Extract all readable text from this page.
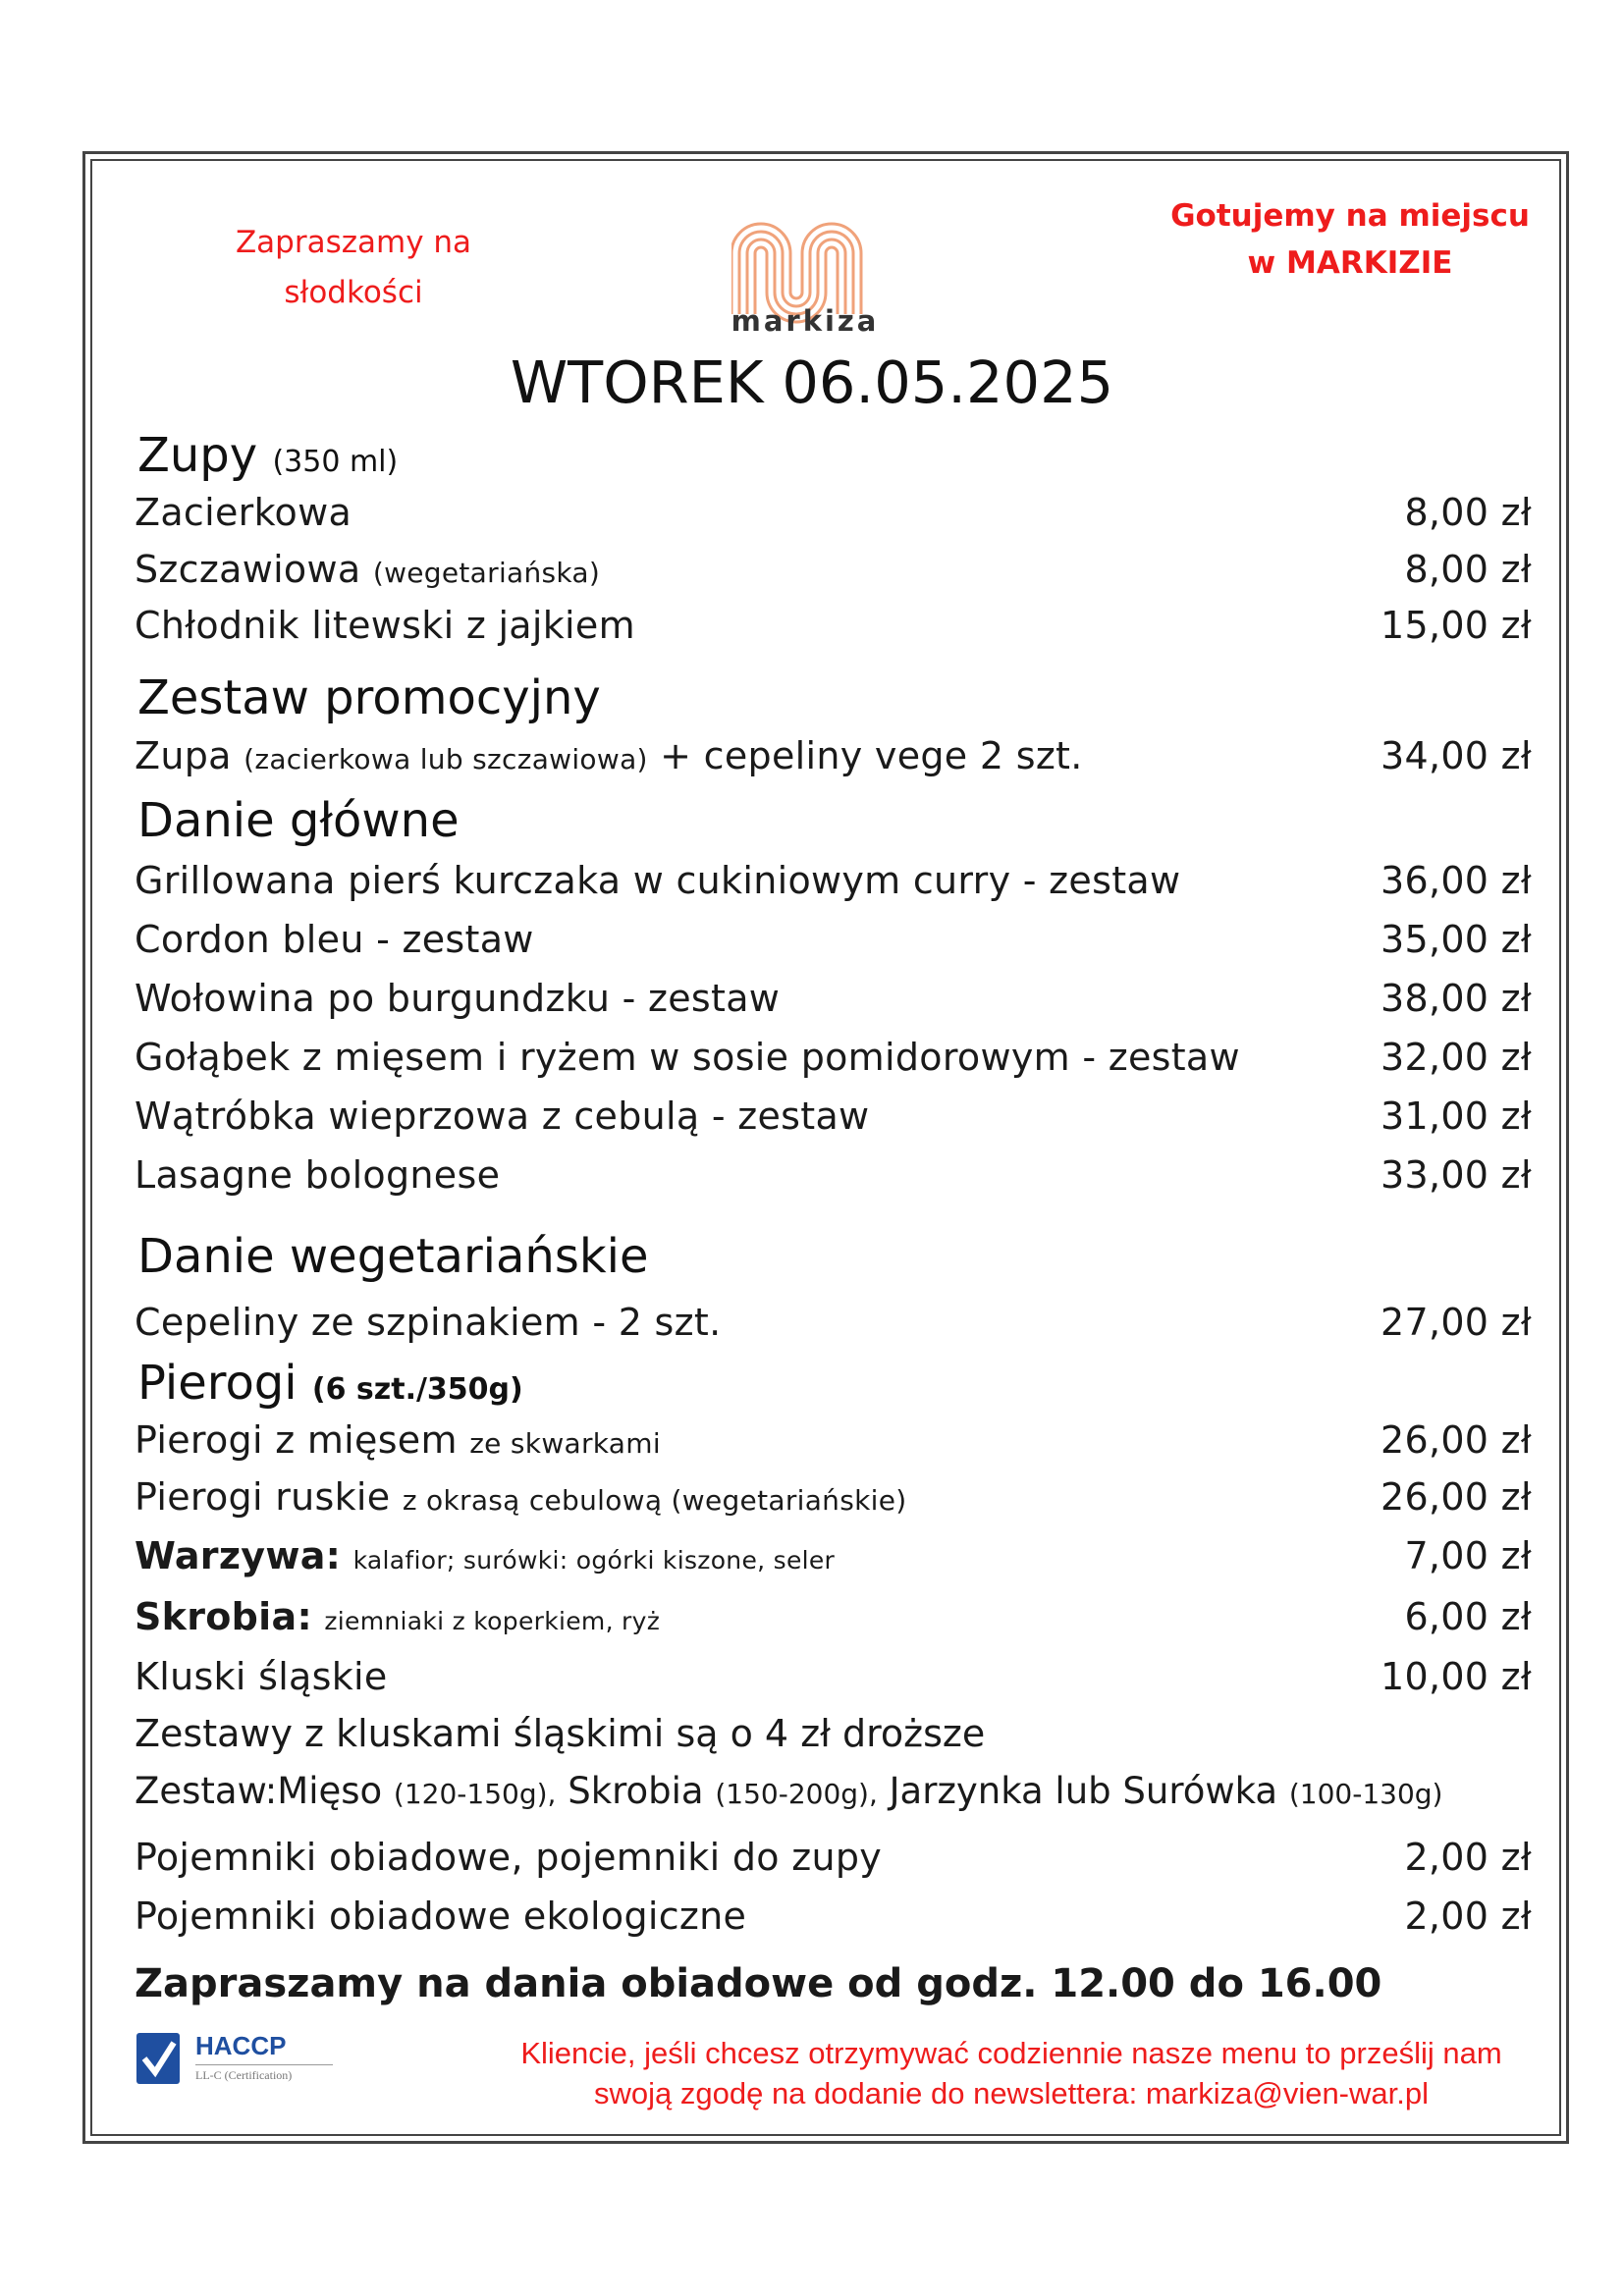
Zapraszamy na
słodkości
Gotujemy na miejscu
w MARKIZIE
markiza
WTOREK 06.05.2025
Zupy (350 ml)
Zacierkowa	8,00 zł
Szczawiowa (wegetariańska)	8,00 zł
Chłodnik litewski z jajkiem	15,00 zł
Zestaw promocyjny
Zupa (zacierkowa lub szczawiowa) + cepeliny vege 2 szt.	34,00 zł
Danie główne
Grillowana pierś kurczaka w cukiniowym curry - zestaw	36,00 zł
Cordon bleu - zestaw	35,00 zł
Wołowina po burgundzku - zestaw	38,00 zł
Gołąbek z mięsem i ryżem w sosie pomidorowym - zestaw	32,00 zł
Wątróbka wieprzowa z cebulą - zestaw	31,00 zł
Lasagne bolognese	33,00 zł
Danie wegetariańskie
Cepeliny ze szpinakiem - 2 szt.	27,00 zł
Pierogi (6 szt./350g)
Pierogi z mięsem ze skwarkami	26,00 zł
Pierogi ruskie z okrasą cebulową (wegetariańskie)	26,00 zł
Warzywa: kalafior; surówki: ogórki kiszone, seler	7,00 zł
Skrobia: ziemniaki z koperkiem, ryż	6,00 zł
Kluski śląskie	10,00 zł
Zestawy z kluskami śląskimi są o 4 zł droższe
Zestaw:Mięso (120-150g), Skrobia (150-200g), Jarzynka lub Surówka (100-130g)
Pojemniki obiadowe, pojemniki do zupy	2,00 zł
Pojemniki obiadowe ekologiczne	2,00 zł
Zapraszamy na dania obiadowe od godz. 12.00 do 16.00
HACCP
LL-C (Certification)
Kliencie, jeśli chcesz otrzymywać codziennie nasze menu to prześlij nam
swoją zgodę na dodanie do newslettera: markiza@vien-war.pl
